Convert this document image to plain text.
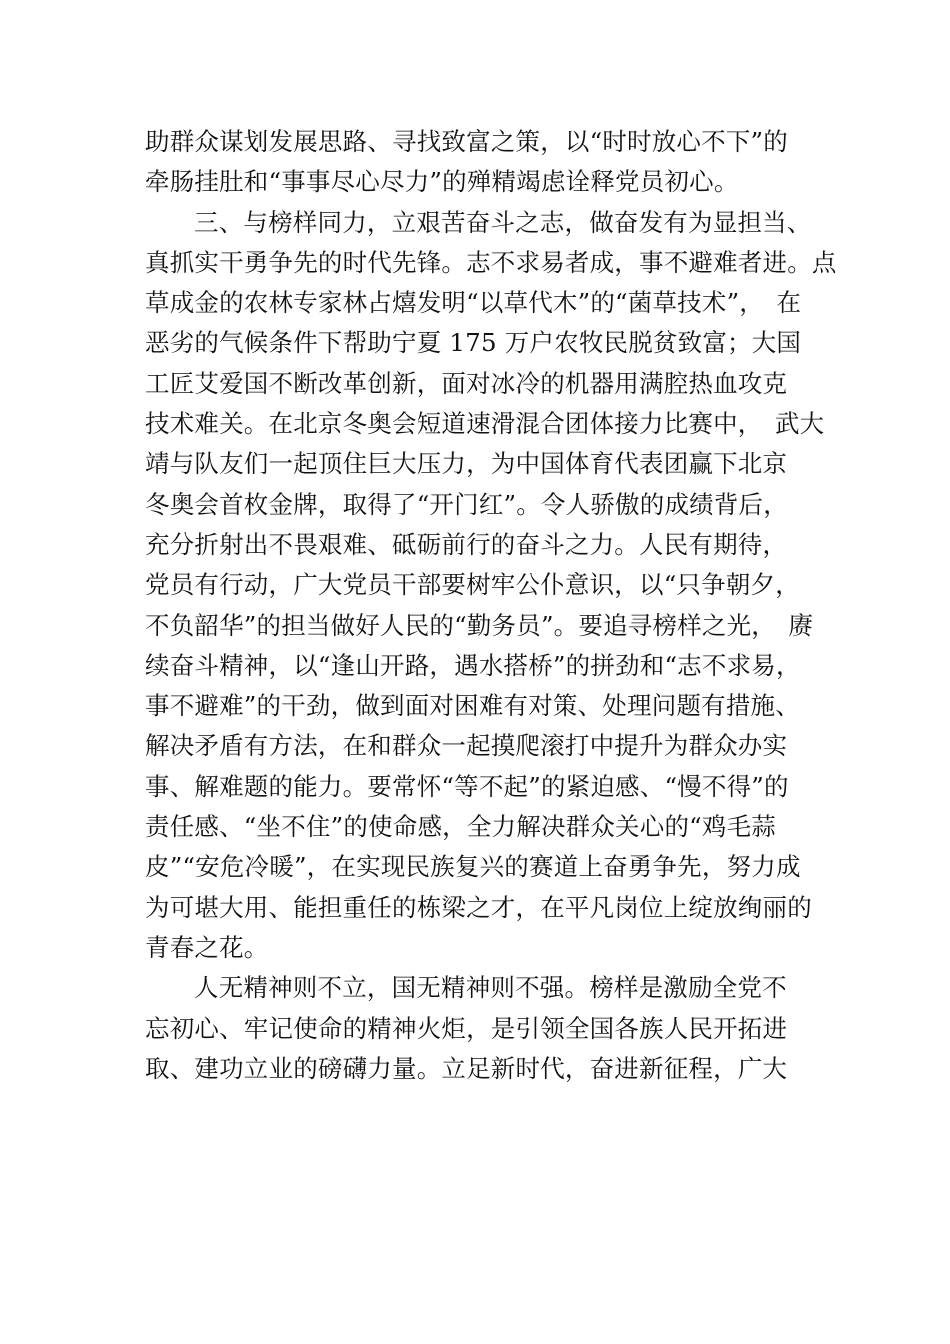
助群众谋划发展思路、寻找致富之策，以“时时放心不下”的
牵肠挂肚和“事事尽心尽力”的殚精竭虑诠释党员初心。
三、与榜样同力，立艰苦奋斗之志，做奋发有为显担当、
真抓实干勇争先的时代先锋。志不求易者成，事不避难者进。点
草成金的农林专家林占熺发明“以草代木”的“菌草技术”，　在
恶劣的气候条件下帮助宁夏 175 万户农牧民脱贫致富；大国
工匠艾爱国不断改革创新，面对冰冷的机器用满腔热血攻克
技术难关。在北京冬奥会短道速滑混合团体接力比赛中，　武大
靖与队友们一起顶住巨大压力，为中国体育代表团赢下北京
冬奥会首枚金牌，取得了“开门红”。令人骄傲的成绩背后，
充分折射出不畏艰难、砥砺前行的奋斗之力。人民有期待，
党员有行动，广大党员干部要树牢公仆意识，以“只争朝夕，
不负韶华”的担当做好人民的“勤务员”。要追寻榜样之光，　赓
续奋斗精神，以“逢山开路，遇水搭桥”的拼劲和“志不求易，
事不避难”的干劲，做到面对困难有对策、处理问题有措施、
解决矛盾有方法，在和群众一起摸爬滚打中提升为群众办实
事、解难题的能力。要常怀“等不起”的紧迫感、“慢不得”的
责任感、“坐不住”的使命感，全力解决群众关心的“鸡毛蒜
皮”“安危冷暖”，在实现民族复兴的赛道上奋勇争先，努力成
为可堪大用、能担重任的栋梁之才，在平凡岗位上绽放绚丽的
青春之花。
人无精神则不立，国无精神则不强。榜样是激励全党不
忘初心、牢记使命的精神火炬，是引领全国各族人民开拓进
取、建功立业的磅礴力量。立足新时代，奋进新征程，广大
